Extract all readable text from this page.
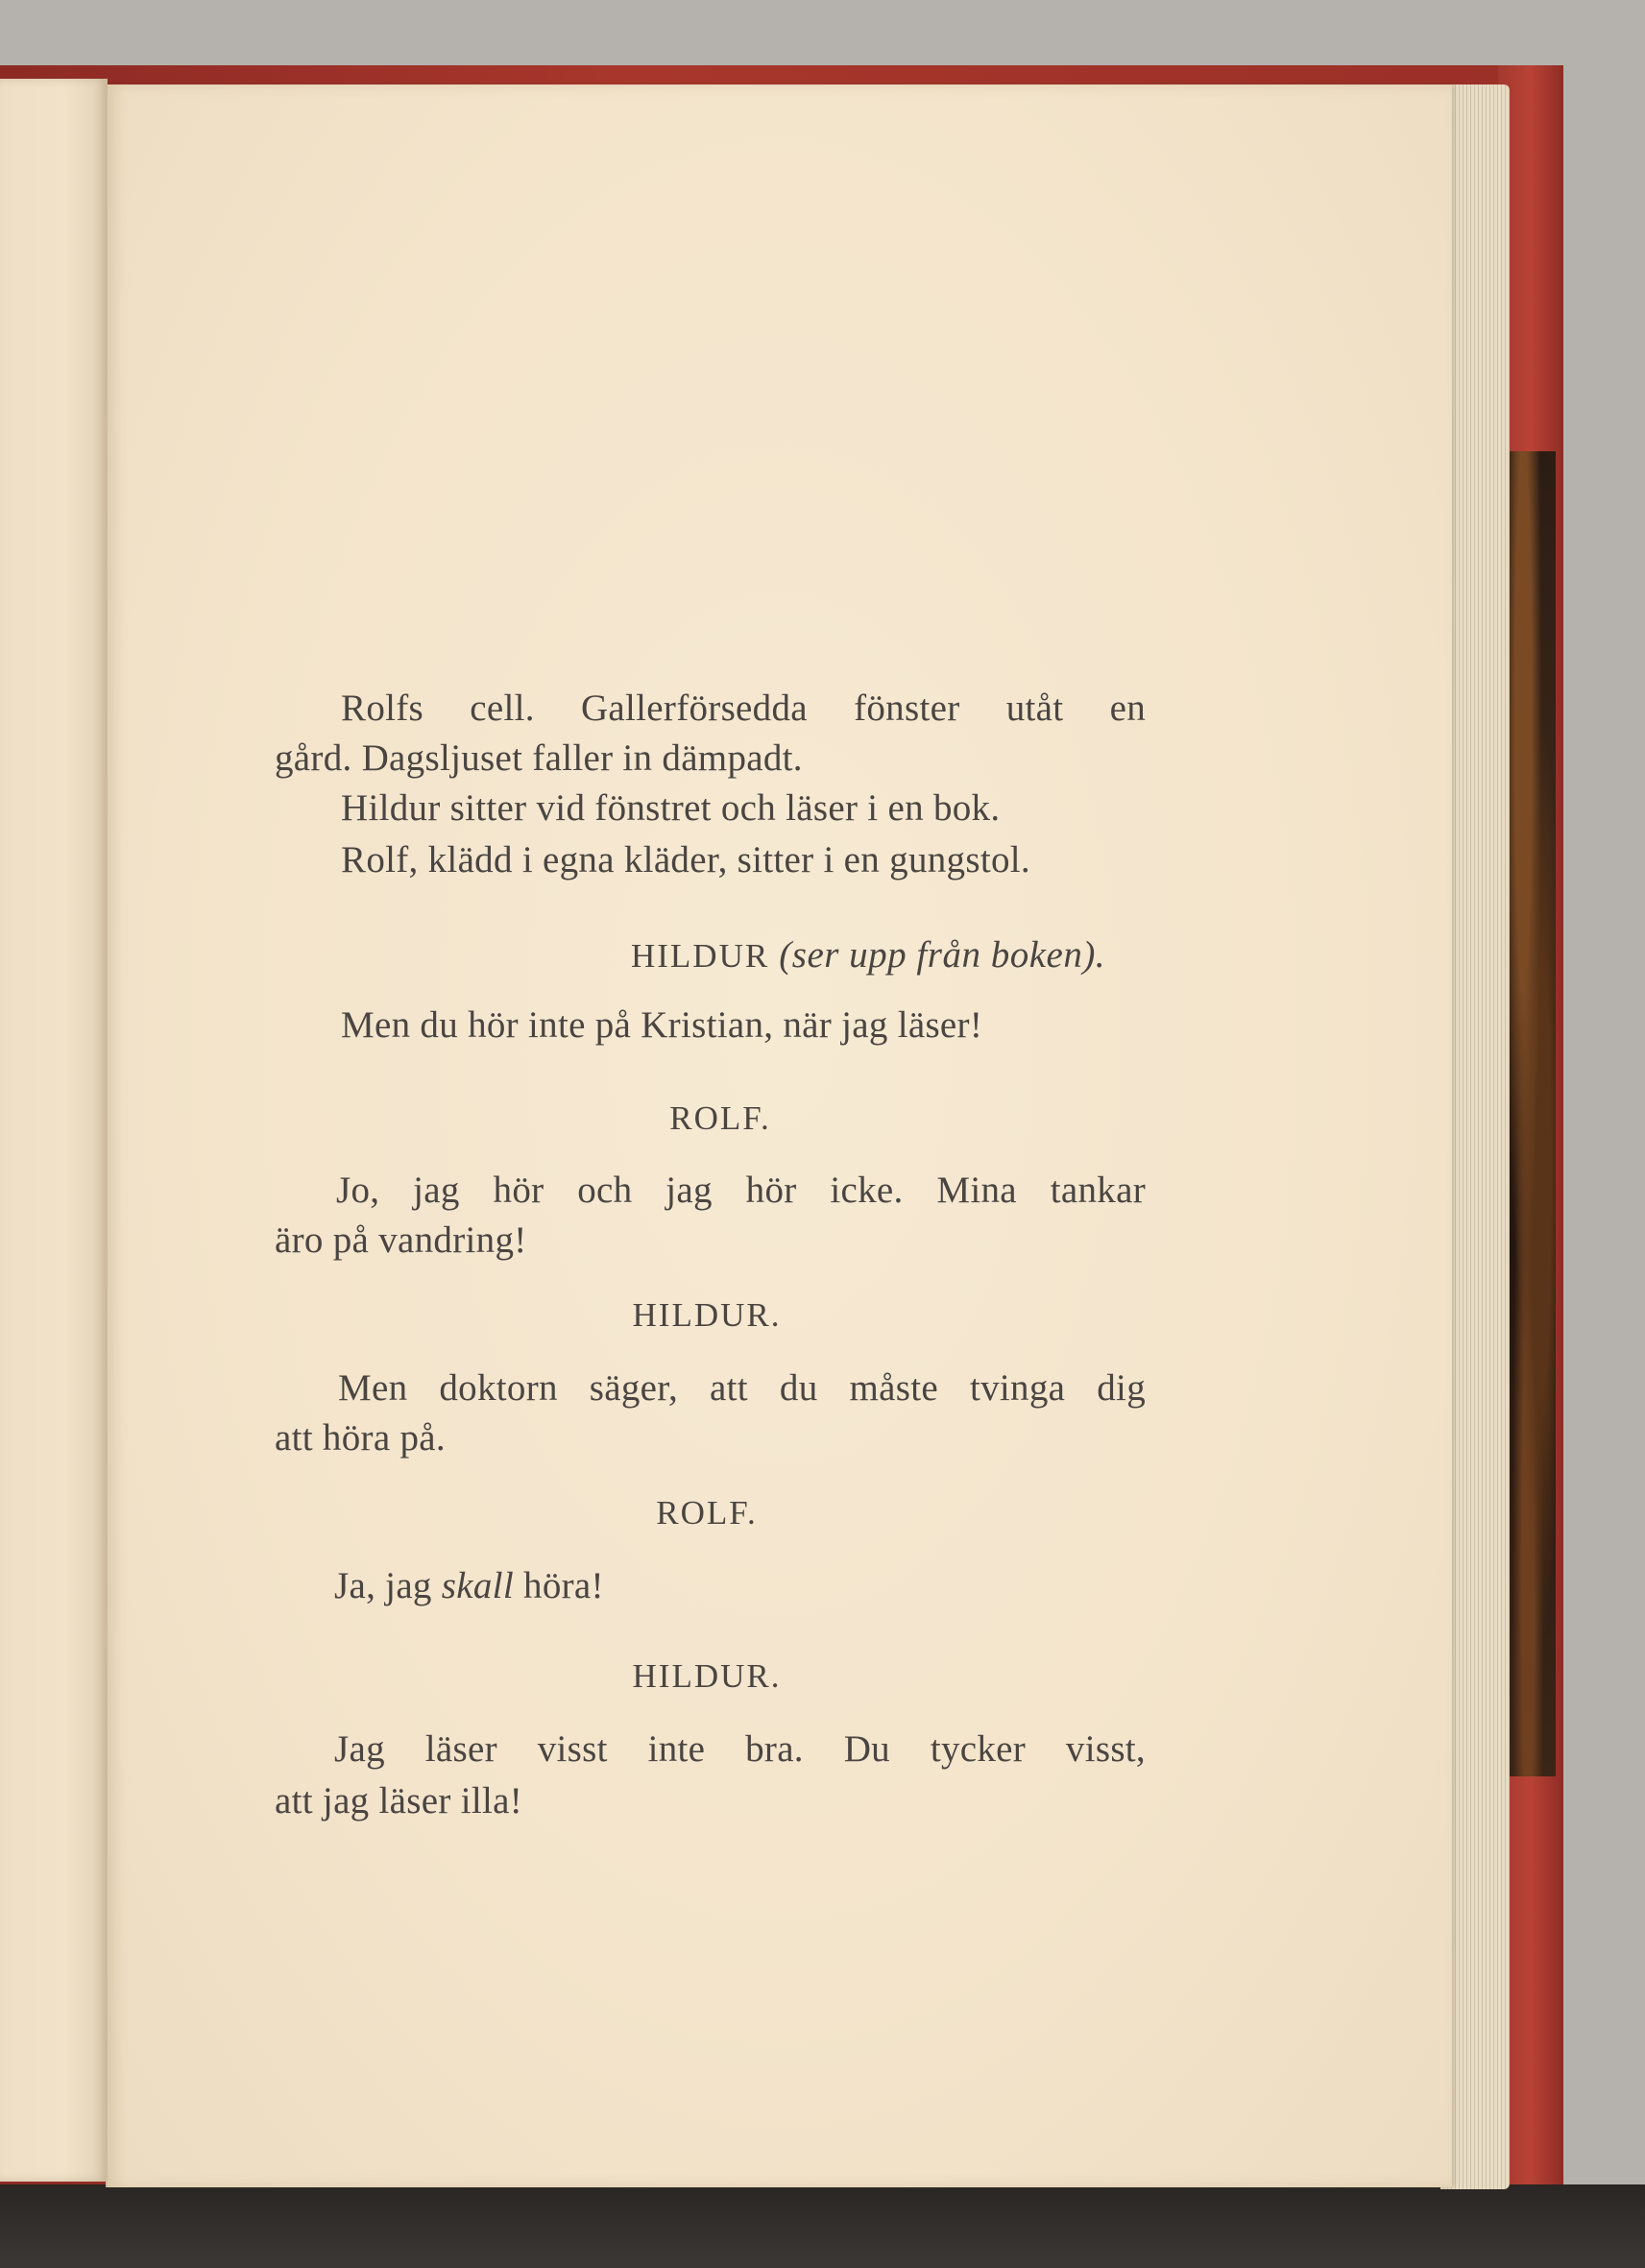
Rolfs cell. Gallerförsedda fönster utåt en
gård. Dagsljuset faller in dämpadt.
Hildur sitter vid fönstret och läser i en bok.
Rolf, klädd i egna kläder, sitter i en gungstol.
HILDUR (ser upp från boken).
Men du hör inte på Kristian, när jag läser!
ROLF.
Jo, jag hör och jag hör icke. Mina tankar
äro på vandring!
HILDUR.
Men doktorn säger, att du måste tvinga dig
att höra på.
ROLF.
Ja, jag skall höra!
HILDUR.
Jag läser visst inte bra. Du tycker visst,
att jag läser illa!
